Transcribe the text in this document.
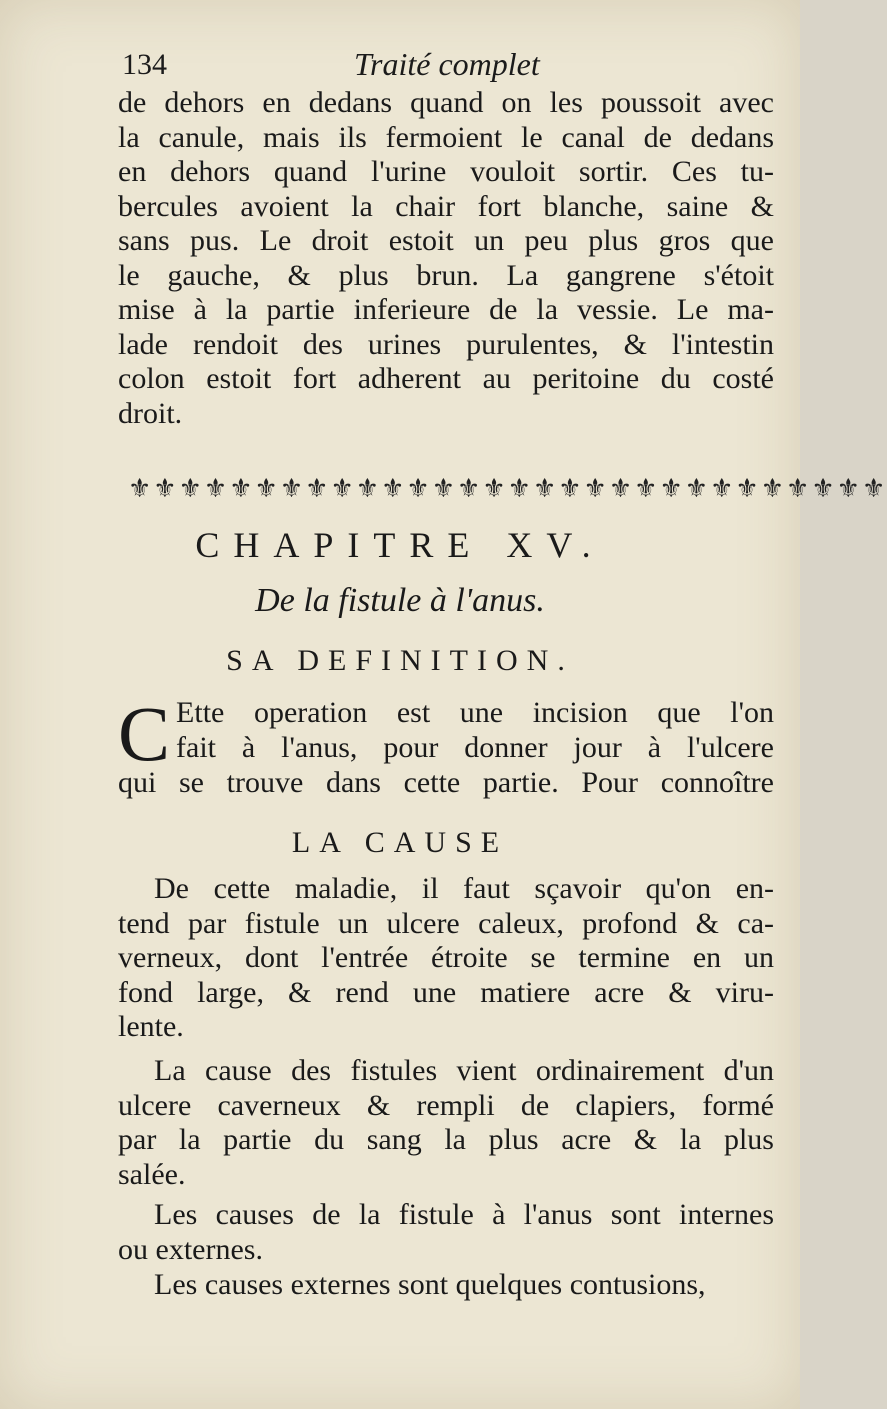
134	Traité complet
de dehors en dedans quand on les poussoit avec
la canule, mais ils fermoient le canal de dedans
en dehors quand l'urine vouloit sortir. Ces tu-
bercules avoient la chair fort blanche, saine &
sans pus. Le droit estoit un peu plus gros que
le gauche, & plus brun. La gangrene s'étoit
mise à la partie inferieure de la vessie. Le ma-
lade rendoit des urines purulentes, & l'intestin
colon estoit fort adherent au peritoine du costé
droit.
⚜⚜⚜⚜⚜⚜⚜⚜⚜⚜⚜⚜⚜⚜⚜⚜⚜⚜⚜⚜⚜⚜⚜⚜⚜⚜⚜⚜⚜⚜
CHAPITRE XV.
De la fistule à l'anus.
SA DEFINITION.
C Ette operation est une incision que l'on
fait à l'anus, pour donner jour à l'ulcere
qui se trouve dans cette partie. Pour connoître
LA CAUSE
De cette maladie, il faut sçavoir qu'on en-
tend par fistule un ulcere caleux, profond & ca-
verneux, dont l'entrée étroite se termine en un
fond large, & rend une matiere acre & viru-
lente.
La cause des fistules vient ordinairement d'un
ulcere caverneux & rempli de clapiers, formé
par la partie du sang la plus acre & la plus
salée.
Les causes de la fistule à l'anus sont internes
ou externes.
Les causes externes sont quelques contusions,
